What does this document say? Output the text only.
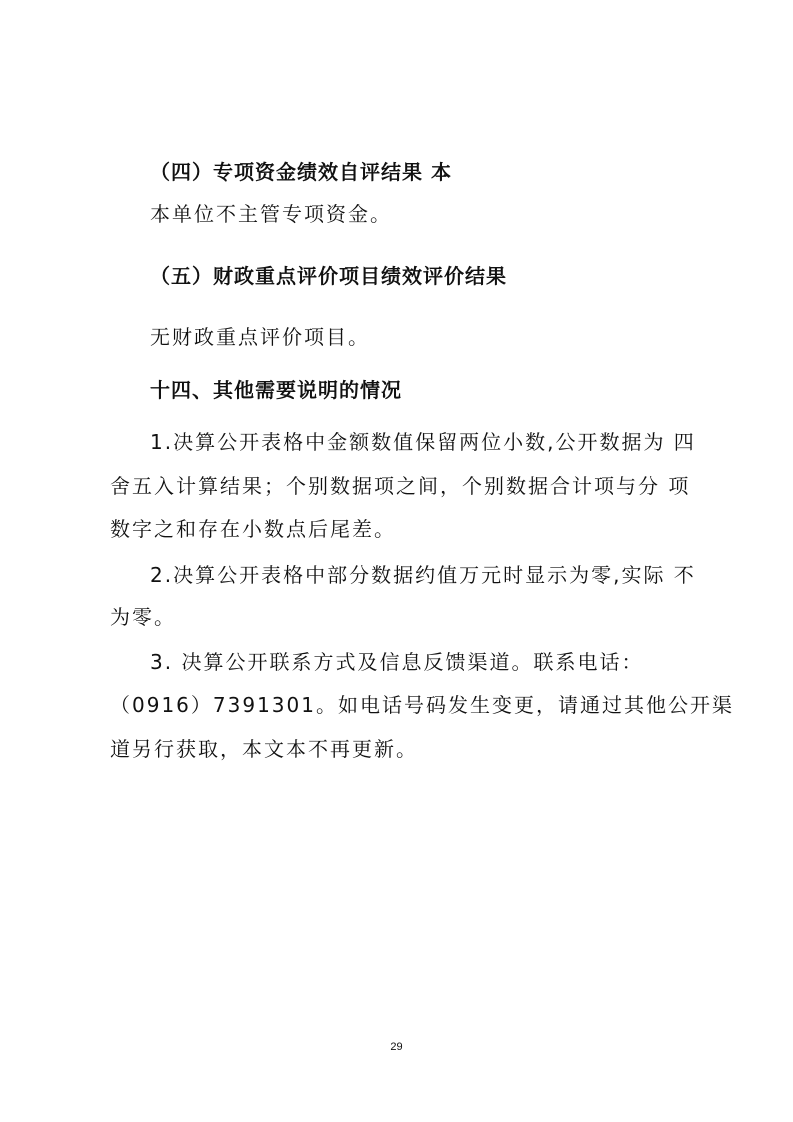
（四）专项资金绩效自评结果 本
本单位不主管专项资金。
（五）财政重点评价项目绩效评价结果
无财政重点评价项目。
十四、其他需要说明的情况
1.决算公开表格中金额数值保留两位小数,公开数据为 四
舍五入计算结果；个别数据项之间，个别数据合计项与分 项
数字之和存在小数点后尾差。
2.决算公开表格中部分数据约值万元时显示为零,实际 不
为零。
3. 决算公开联系方式及信息反馈渠道。联系电话：
（0916）7391301。如电话号码发生变更，请通过其他公开渠
道另行获取，本文本不再更新。
29
